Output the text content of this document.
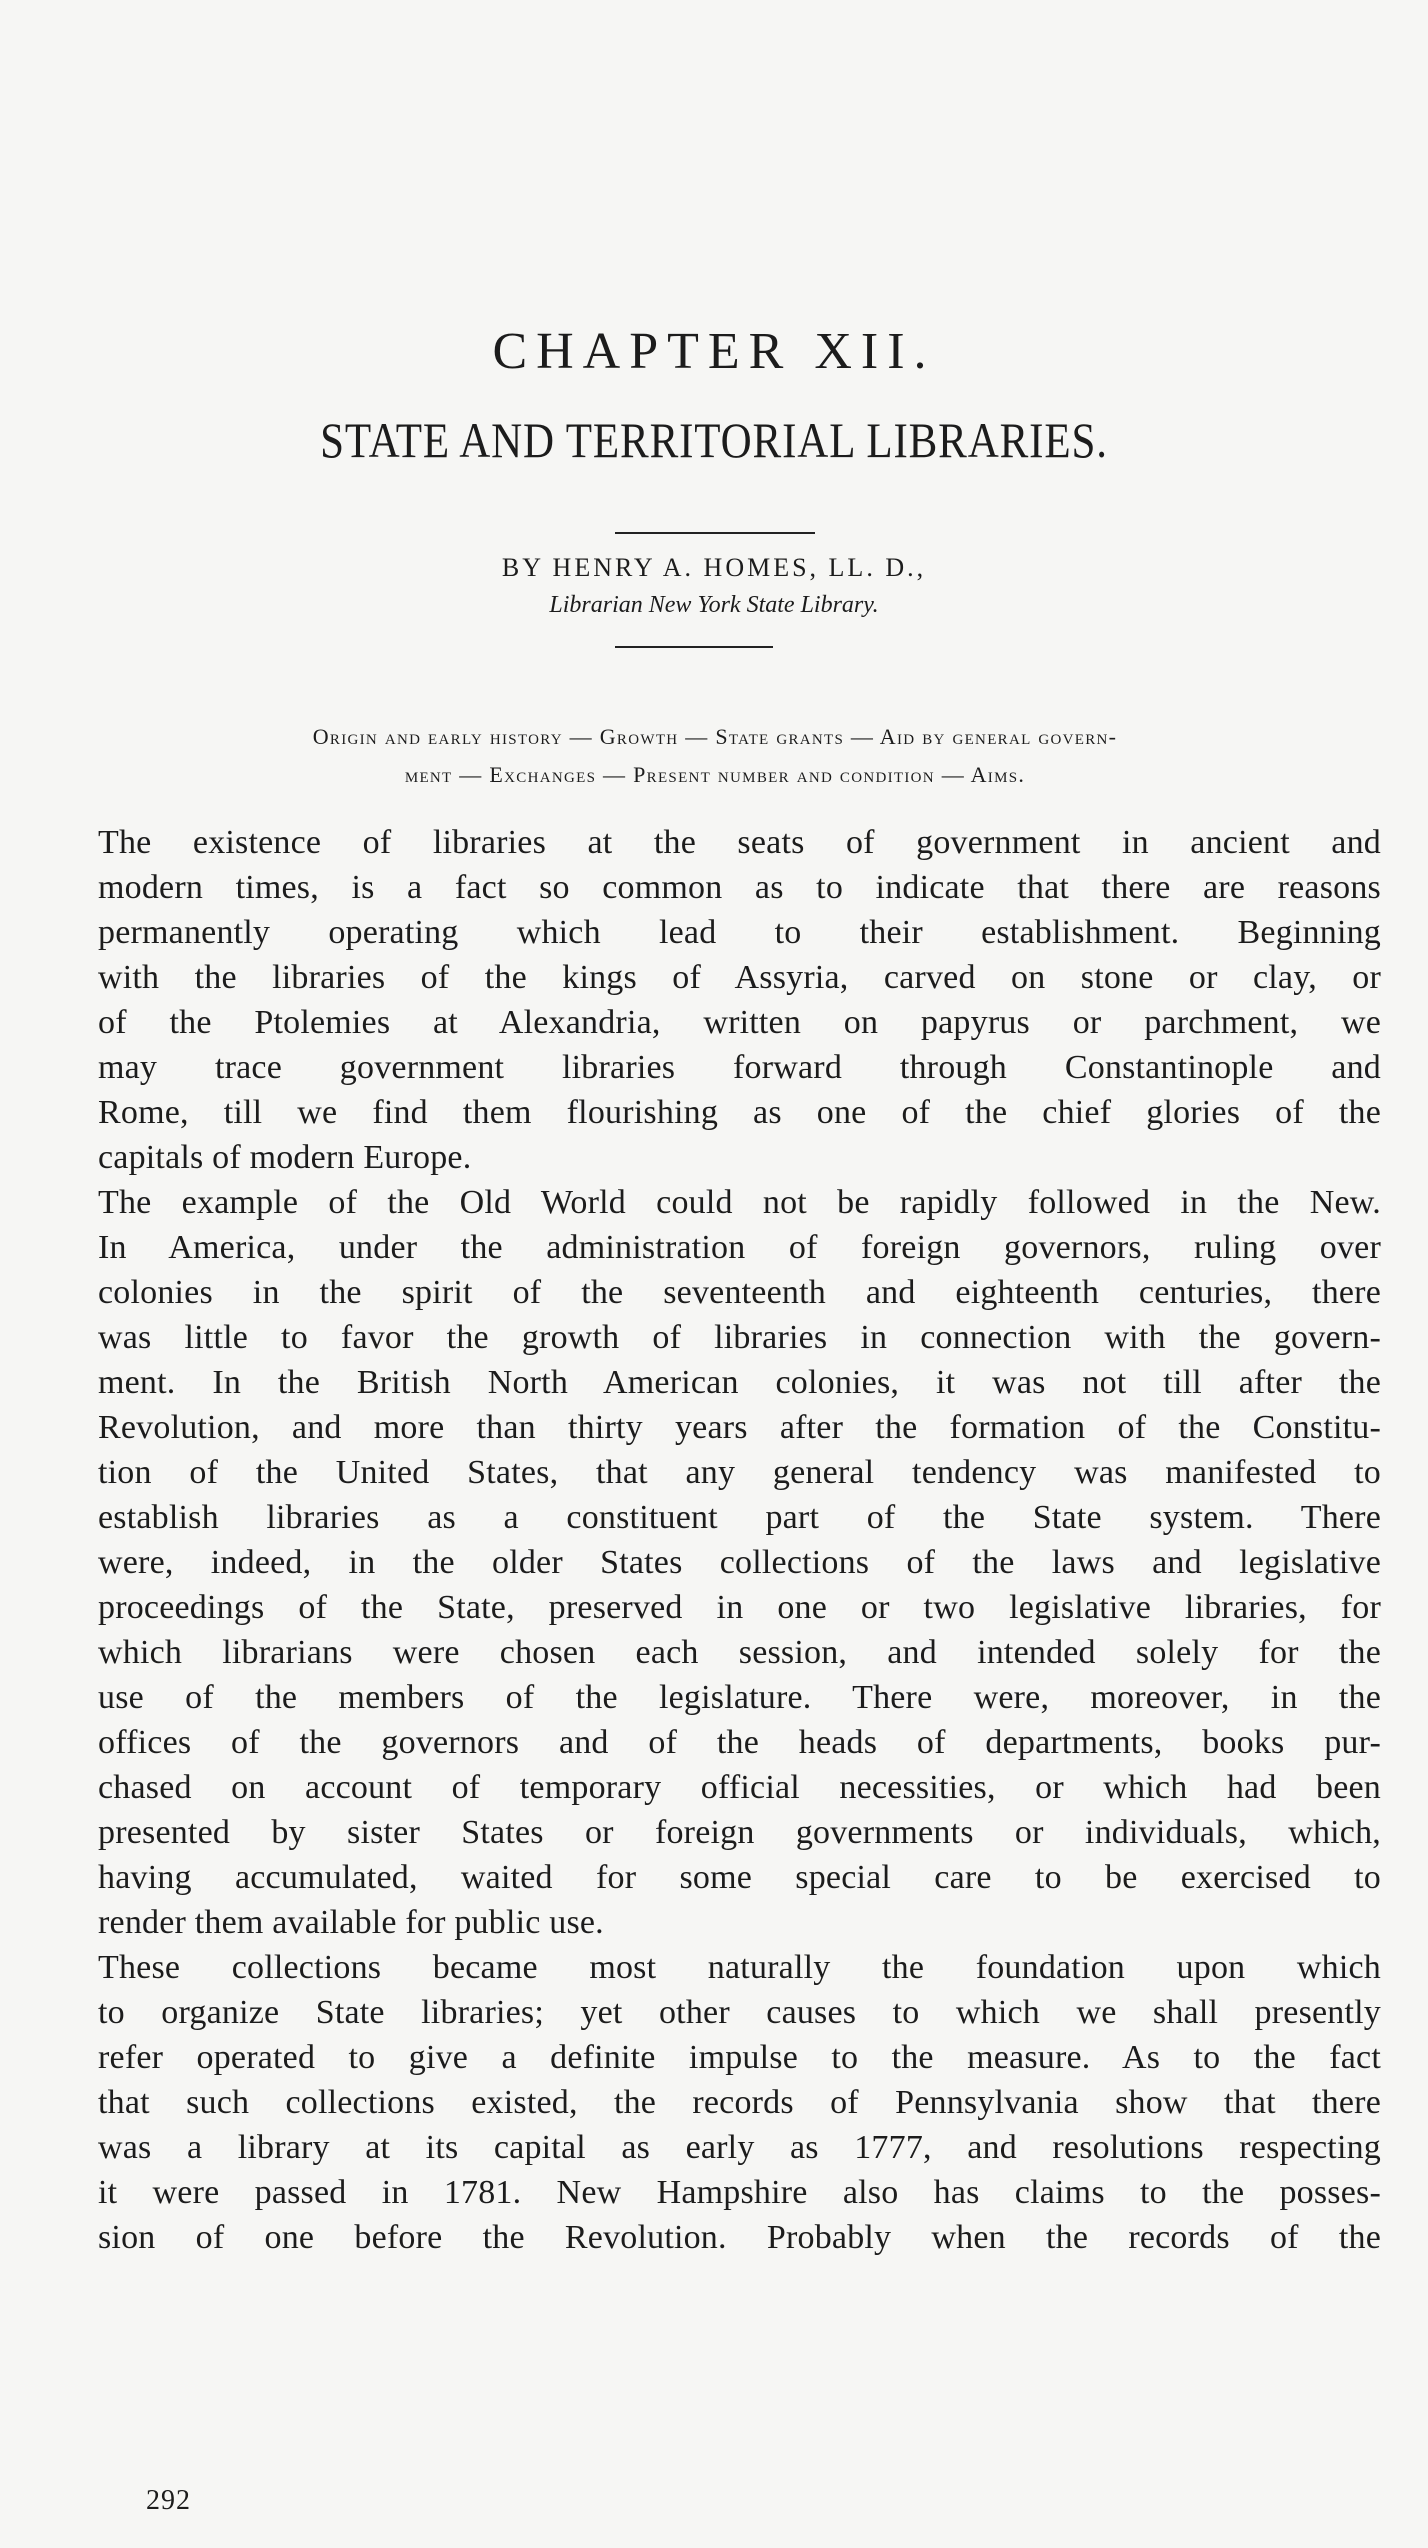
CHAPTER XII.
STATE AND TERRITORIAL LIBRARIES.
BY HENRY A. HOMES, LL. D.,
Librarian New York State Library.
Origin and early history — Growth — State grants — Aid by general govern-
ment — Exchanges — Present number and condition — Aims.

The existence of libraries at the seats of government in ancient and
modern times, is a fact so common as to indicate that there are reasons
permanently operating which lead to their establishment. Beginning
with the libraries of the kings of Assyria, carved on stone or clay, or
of the Ptolemies at Alexandria, written on papyrus or parchment, we
may trace government libraries forward through Constantinople and
Rome, till we find them flourishing as one of the chief glories of the
capitals of modern Europe.

The example of the Old World could not be rapidly followed in the New.
In America, under the administration of foreign governors, ruling over
colonies in the spirit of the seventeenth and eighteenth centuries, there
was little to favor the growth of libraries in connection with the govern-
ment. In the British North American colonies, it was not till after the
Revolution, and more than thirty years after the formation of the Constitu-
tion of the United States, that any general tendency was manifested to
establish libraries as a constituent part of the State system. There
were, indeed, in the older States collections of the laws and legislative
proceedings of the State, preserved in one or two legislative libraries, for
which librarians were chosen each session, and intended solely for the
use of the members of the legislature. There were, moreover, in the
offices of the governors and of the heads of departments, books pur-
chased on account of temporary official necessities, or which had been
presented by sister States or foreign governments or individuals, which,
having accumulated, waited for some special care to be exercised to
render them available for public use.

These collections became most naturally the foundation upon which
to organize State libraries; yet other causes to which we shall presently
refer operated to give a definite impulse to the measure. As to the fact
that such collections existed, the records of Pennsylvania show that there
was a library at its capital as early as 1777, and resolutions respecting
it were passed in 1781. New Hampshire also has claims to the posses-
sion of one before the Revolution. Probably when the records of the

292
